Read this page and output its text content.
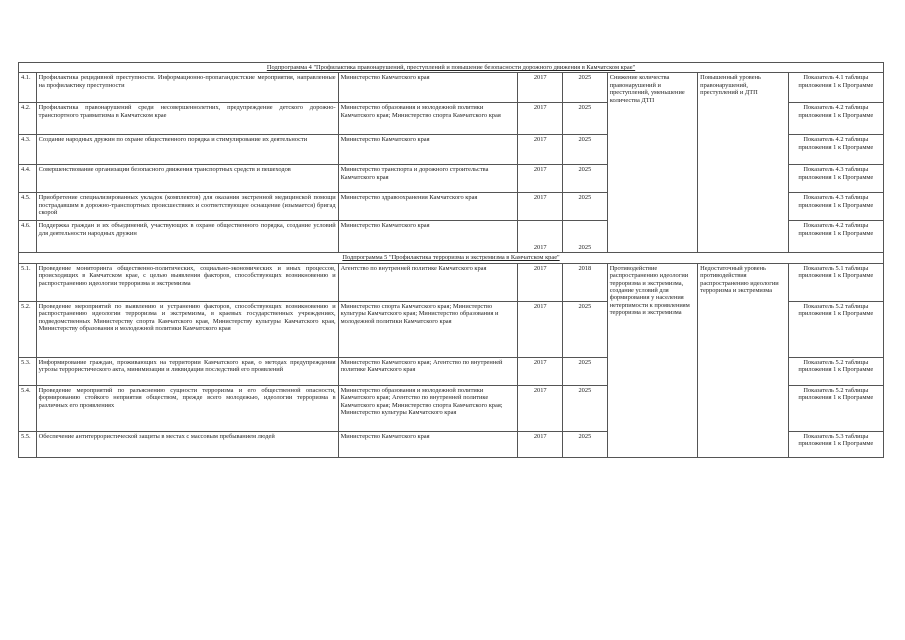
Подпрограмма 4 "Профилактика правонарушений, преступлений и повышение безопасности дорожного движения в Камчатском крае"							
4.1.	Профилактика рецидивной преступности. Информационно-пропагандистские мероприятия, направленные на профилактику преступности	Министерство Камчатского края	2017	2025	Снижение количества правонарушений и преступлений, уменьшение количества ДТП	Повышенный уровень правонарушений, преступлений и ДТП	Показатель 4.1 таблицы приложения 1 к Программе
4.2.	Профилактика правонарушений среди несовершеннолетних, предупреждение детского дорожно-транспортного травматизма в Камчатском крае	Министерство образования и молодежной политики Камчатского края; Министерство спорта Камчатского края	2017	2025			Показатель 4.2 таблицы приложения 1 к Программе
4.3.	Создание народных дружин по охране общественного порядка и стимулирование их деятельности	Министерство Камчатского края	2017	2025			Показатель 4.2 таблицы приложения 1 к Программе
4.4.	Совершенствование организации безопасного движения транспортных средств и пешеходов	Министерство транспорта и дорожного строительства Камчатского края	2017	2025			Показатель 4.3 таблицы приложения 1 к Программе
4.5.	Приобретение специализированных укладок (комплектов) для оказания экстренной медицинской помощи пострадавшим в дорожно-транспортных происшествиях и соответствующее оснащение (изымается) бригад скорой	Министерство здравоохранения Камчатского края	2017	2025			Показатель 4.3 таблицы приложения 1 к Программе
4.6.	Поддержка граждан и их объединений, участвующих в охране общественного порядка, создание условий для деятельности народных дружин	Министерство Камчатского края	2017	2025			Показатель 4.2 таблицы приложения 1 к Программе
Подпрограмма 5 "Профилактика терроризма и экстремизма в Камчатском крае"							
5.1.	Проведение мониторинга общественно-политических, социально-экономических и иных процессов, происходящих в Камчатском крае, с целью выявления факторов, способствующих возникновению и распространению идеологии терроризма и экстремизма	Агентство по внутренней политике Камчатского края	2017	2018	Противодействие распространению идеологии терроризма и экстремизма, создание условий для формирования у населения нетерпимости к проявлениям терроризма и экстремизма	Недостаточный уровень противодействия распространению идеологии терроризма и экстремизма	Показатель 5.1 таблицы приложения 1 к Программе
5.2.	Проведение мероприятий по выявлению и устранению факторов, способствующих возникновению и распространению идеологии терроризма и экстремизма, в краевых государственных учреждениях, подведомственных Министерству спорта Камчатского края, Министерству культуры Камчатского края, Министерству образования и молодежной политики Камчатского края	Министерство спорта Камчатского края; Министерство культуры Камчатского края; Министерство образования и молодежной политики Камчатского края	2017	2025			Показатель 5.2 таблицы приложения 1 к Программе
5.3.	Информирование граждан, проживающих на территории Камчатского края, о методах предупреждения угрозы террористического акта, минимизации и ликвидации последствий его проявлений	Министерство Камчатского края; Агентство по внутренней политике Камчатского края	2017	2025			Показатель 5.2 таблицы приложения 1 к Программе
5.4.	Проведение мероприятий по разъяснению сущности терроризма и его общественной опасности, формированию стойкого неприятия обществом, прежде всего молодежью, идеологии терроризма в различных его проявлениях	Министерство образования и молодежной политики Камчатского края; Агентство по внутренней политике Камчатского края; Министерство спорта Камчатского края; Министерство культуры Камчатского края	2017	2025			Показатель 5.2 таблицы приложения 1 к Программе
5.5.	Обеспечение антитеррористической защиты в местах с массовым пребыванием людей	Министерство Камчатского края	2017	2025			Показатель 5.3 таблицы приложения 1 к Программе
